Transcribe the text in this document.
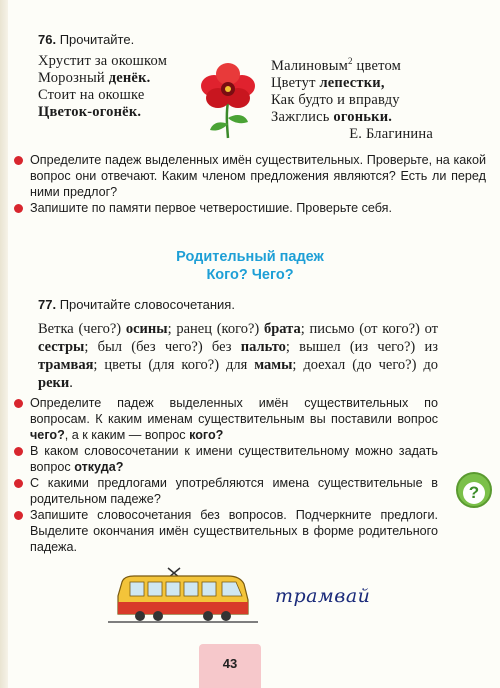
76. Прочитайте.
Хрустит за окошком
Морозный денёк.
Стоит на окошке
Цветок-огонёк.
Малиновым$^2$ цветом
Цветут лепестки,
Как будто и вправду
Зажглись огоньки.
Е. Благинина
Определите падеж выделенных имён существительных. Проверьте, на какой вопрос они отвечают. Каким членом предложения являются? Есть ли перед ними предлог?
Запишите по памяти первое четверостишие. Проверьте себя.
Родительный падеж
Кого? Чего?
77. Прочитайте словосочетания.
Ветка (чего?) осины; ранец (кого?) брата; письмо (от кого?) от сестры; был (без чего?) без пальто; вышел (из чего?) из трамвая; цветы (для кого?) для мамы; доехал (до чего?) до реки.
Определите падеж выделенных имён существительных по вопросам. К каким именам существительным вы поставили вопрос чего?, а к каким — вопрос кого?
В каком словосочетании к имени существительному можно задать вопрос откуда?
С какими предлогами употребляются имена существительные в родительном падеже?
Запишите словосочетания без вопросов. Подчеркните предлоги. Выделите окончания имён существительных в форме родительного падежа.
?
трамвай
43
